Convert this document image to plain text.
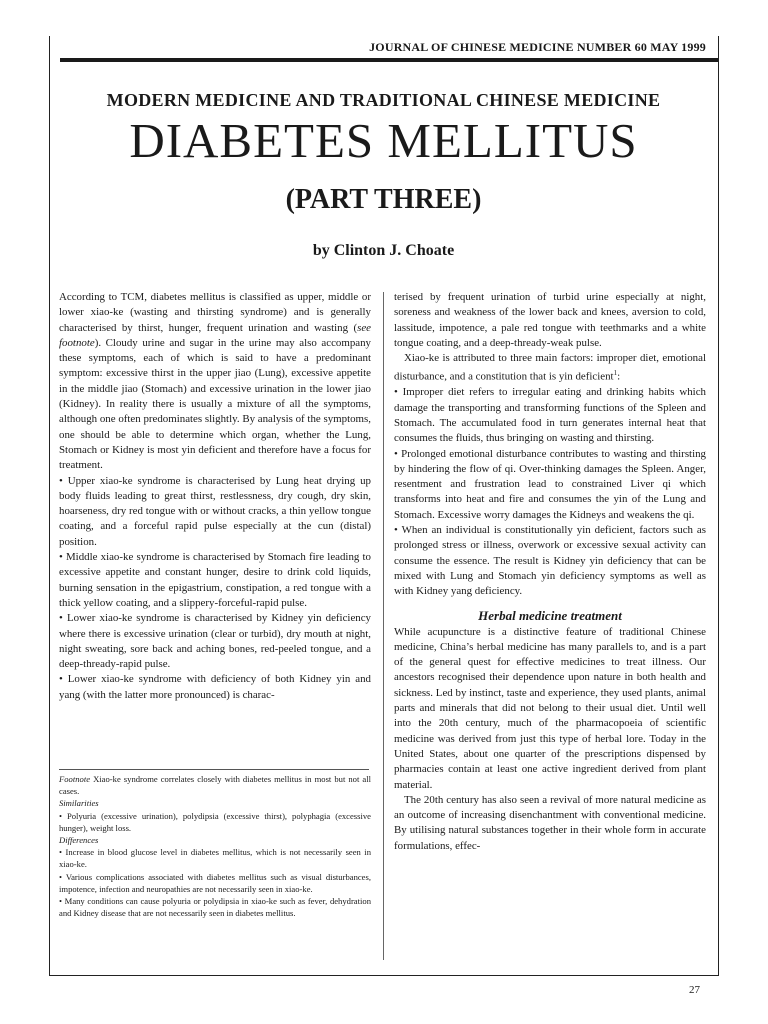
JOURNAL OF CHINESE MEDICINE NUMBER 60 MAY 1999
MODERN MEDICINE AND TRADITIONAL CHINESE MEDICINE
DIABETES MELLITUS
(PART THREE)
by Clinton J. Choate

According to TCM, diabetes mellitus is classified as upper, middle or lower xiao-ke (wasting and thirsting syndrome) and is generally characterised by thirst, hunger, frequent urination and wasting (see footnote). Cloudy urine and sugar in the urine may also accompany these symptoms, each of which is said to have a predominant symptom: excessive thirst in the upper jiao (Lung), excessive appetite in the middle jiao (Stomach) and excessive urination in the lower jiao (Kidney). In reality there is usually a mixture of all the symptoms, although one often predominates slightly. By analysis of the symptoms, one should be able to determine which organ, whether the Lung, Stomach or Kidney is most yin deficient and therefore have a focus for treatment.

• Upper xiao-ke syndrome is characterised by Lung heat drying up body fluids leading to great thirst, restlessness, dry cough, dry skin, hoarseness, dry red tongue with or without cracks, a thin yellow tongue coating, and a forceful rapid pulse especially at the cun (distal) position.

• Middle xiao-ke syndrome is characterised by Stomach fire leading to excessive appetite and constant hunger, desire to drink cold liquids, burning sensation in the epigastrium, constipation, a red tongue with a thick yellow coating, and a slippery-forceful-rapid pulse.

• Lower xiao-ke syndrome is characterised by Kidney yin deficiency where there is excessive urination (clear or turbid), dry mouth at night, night sweating, sore back and aching bones, red-peeled tongue, and a deep-thready-rapid pulse.

• Lower xiao-ke syndrome with deficiency of both Kidney yin and yang (with the latter more pronounced) is charac-

Footnote Xiao-ke syndrome correlates closely with diabetes mellitus in most but not all cases.

Similarities

• Polyuria (excessive urination), polydipsia (excessive thirst), polyphagia (excessive hunger), weight loss.

Differences

• Increase in blood glucose level in diabetes mellitus, which is not necessarily seen in xiao-ke.

• Various complications associated with diabetes mellitus such as visual disturbances, impotence, infection and neuropathies are not necessarily seen in xiao-ke.

• Many conditions can cause polyuria or polydipsia in xiao-ke such as fever, dehydration and Kidney disease that are not necessarily seen in diabetes mellitus.

terised by frequent urination of turbid urine especially at night, soreness and weakness of the lower back and knees, aversion to cold, lassitude, impotence, a pale red tongue with teethmarks and a white tongue coating, and a deep-thready-weak pulse.

Xiao-ke is attributed to three main factors: improper diet, emotional disturbance, and a constitution that is yin deficient$^1$:

• Improper diet refers to irregular eating and drinking habits which damage the transporting and transforming functions of the Spleen and Stomach. The accumulated food in turn generates internal heat that consumes the fluids, thus bringing on wasting and thirsting.

• Prolonged emotional disturbance contributes to wasting and thirsting by hindering the flow of qi. Over-thinking damages the Spleen. Anger, resentment and frustration lead to constrained Liver qi which transforms into heat and fire and consumes the yin of the Lung and Stomach. Excessive worry damages the Kidneys and weakens the qi.

• When an individual is constitutionally yin deficient, factors such as prolonged stress or illness, overwork or excessive sexual activity can consume the essence. The result is Kidney yin deficiency that can be mixed with Lung and Stomach yin deficiency symptoms as well as with Kidney yang deficiency.

Herbal medicine treatment

While acupuncture is a distinctive feature of traditional Chinese medicine, China’s herbal medicine has many parallels to, and is a part of the general quest for effective medicines to treat illness. Our ancestors recognised their dependence upon nature in both health and sickness. Led by instinct, taste and experience, they used plants, animal parts and minerals that did not belong to their usual diet. Until well into the 20th century, much of the pharmacopoeia of scientific medicine was derived from just this type of herbal lore. Today in the United States, about one quarter of the prescriptions dispensed by pharmacies contain at least one active ingredient derived from plant material.

The 20th century has also seen a revival of more natural medicine as an outcome of increasing disenchantment with conventional medicine. By utilising natural substances together in their whole form in accurate formulations, effec-

27
